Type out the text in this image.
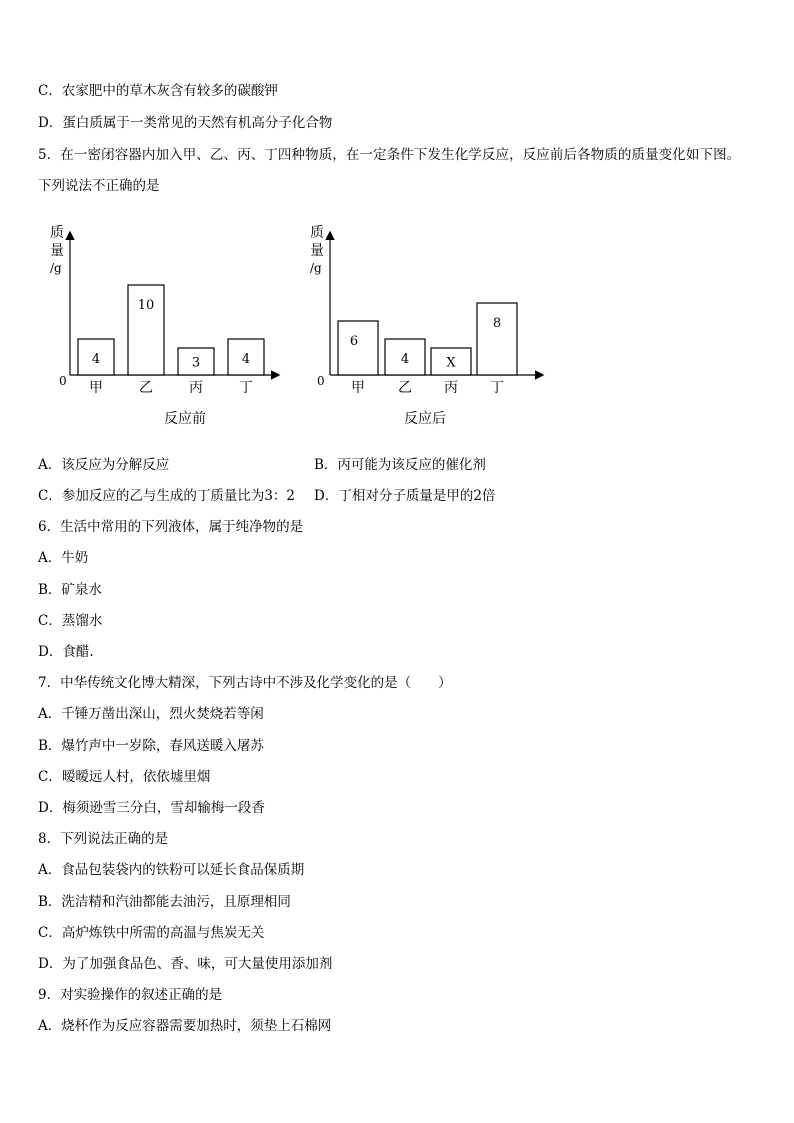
C．农家肥中的草木灰含有较多的碳酸钾
D．蛋白质属于一类常见的天然有机高分子化合物
5．在一密闭容器内加入甲、乙、丙、丁四种物质，在一定条件下发生化学反应，反应前后各物质的质量变化如下图。
下列说法不正确的是
质
量
/g
0
4
甲
10
乙
3
丙
4
丁
反应前
质
量
/g
0
6
甲
4
乙
X
丙
8
丁
反应后
A．该反应为分解反应	B．丙可能为该反应的催化剂
C．参加反应的乙与生成的丁质量比为3：2 D．丁相对分子质量是甲的2倍
6．生活中常用的下列液体，属于纯净物的是
A．牛奶
B．矿泉水
C．蒸馏水
D．食醋.
7．中华传统文化博大精深，下列古诗中不涉及化学变化的是（　　）
A．千锤万凿出深山，烈火焚烧若等闲
B．爆竹声中一岁除，春风送暖入屠苏
C．暧暧远人村，依依墟里烟
D．梅须逊雪三分白，雪却输梅一段香
8．下列说法正确的是
A．食品包装袋内的铁粉可以延长食品保质期
B．洗洁精和汽油都能去油污，且原理相同
C．高炉炼铁中所需的高温与焦炭无关
D．为了加强食品色、香、味，可大量使用添加剂
9．对实验操作的叙述正确的是
A．烧杯作为反应容器需要加热时，须垫上石棉网
